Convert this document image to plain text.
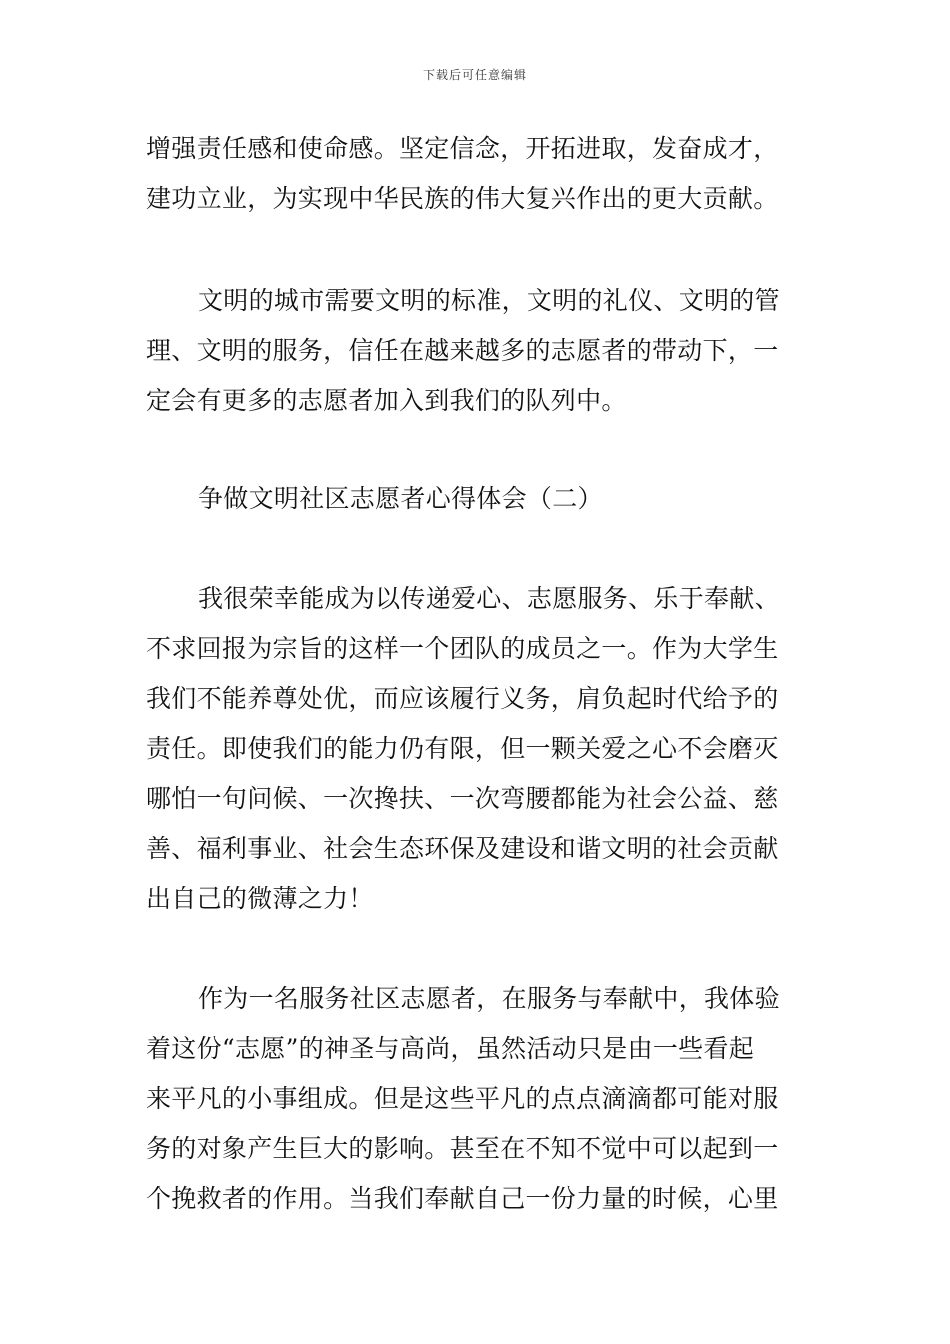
下载后可任意编辑
增强责任感和使命感。坚定信念，开拓进取，发奋成才，
建功立业，为实现中华民族的伟大复兴作出的更大贡献。
文明的城市需要文明的标准，文明的礼仪、文明的管
理、文明的服务，信任在越来越多的志愿者的带动下，一
定会有更多的志愿者加入到我们的队列中。
争做文明社区志愿者心得体会（二）
我很荣幸能成为以传递爱心、志愿服务、乐于奉献、
不求回报为宗旨的这样一个团队的成员之一。作为大学生
我们不能养尊处优，而应该履行义务，肩负起时代给予的
责任。即使我们的能力仍有限，但一颗关爱之心不会磨灭
哪怕一句问候、一次搀扶、一次弯腰都能为社会公益、慈
善、福利事业、社会生态环保及建设和谐文明的社会贡献
出自己的微薄之力！
作为一名服务社区志愿者，在服务与奉献中，我体验
着这份“志愿”的神圣与高尚，虽然活动只是由一些看起
来平凡的小事组成。但是这些平凡的点点滴滴都可能对服
务的对象产生巨大的影响。甚至在不知不觉中可以起到一
个挽救者的作用。当我们奉献自己一份力量的时候，心里
